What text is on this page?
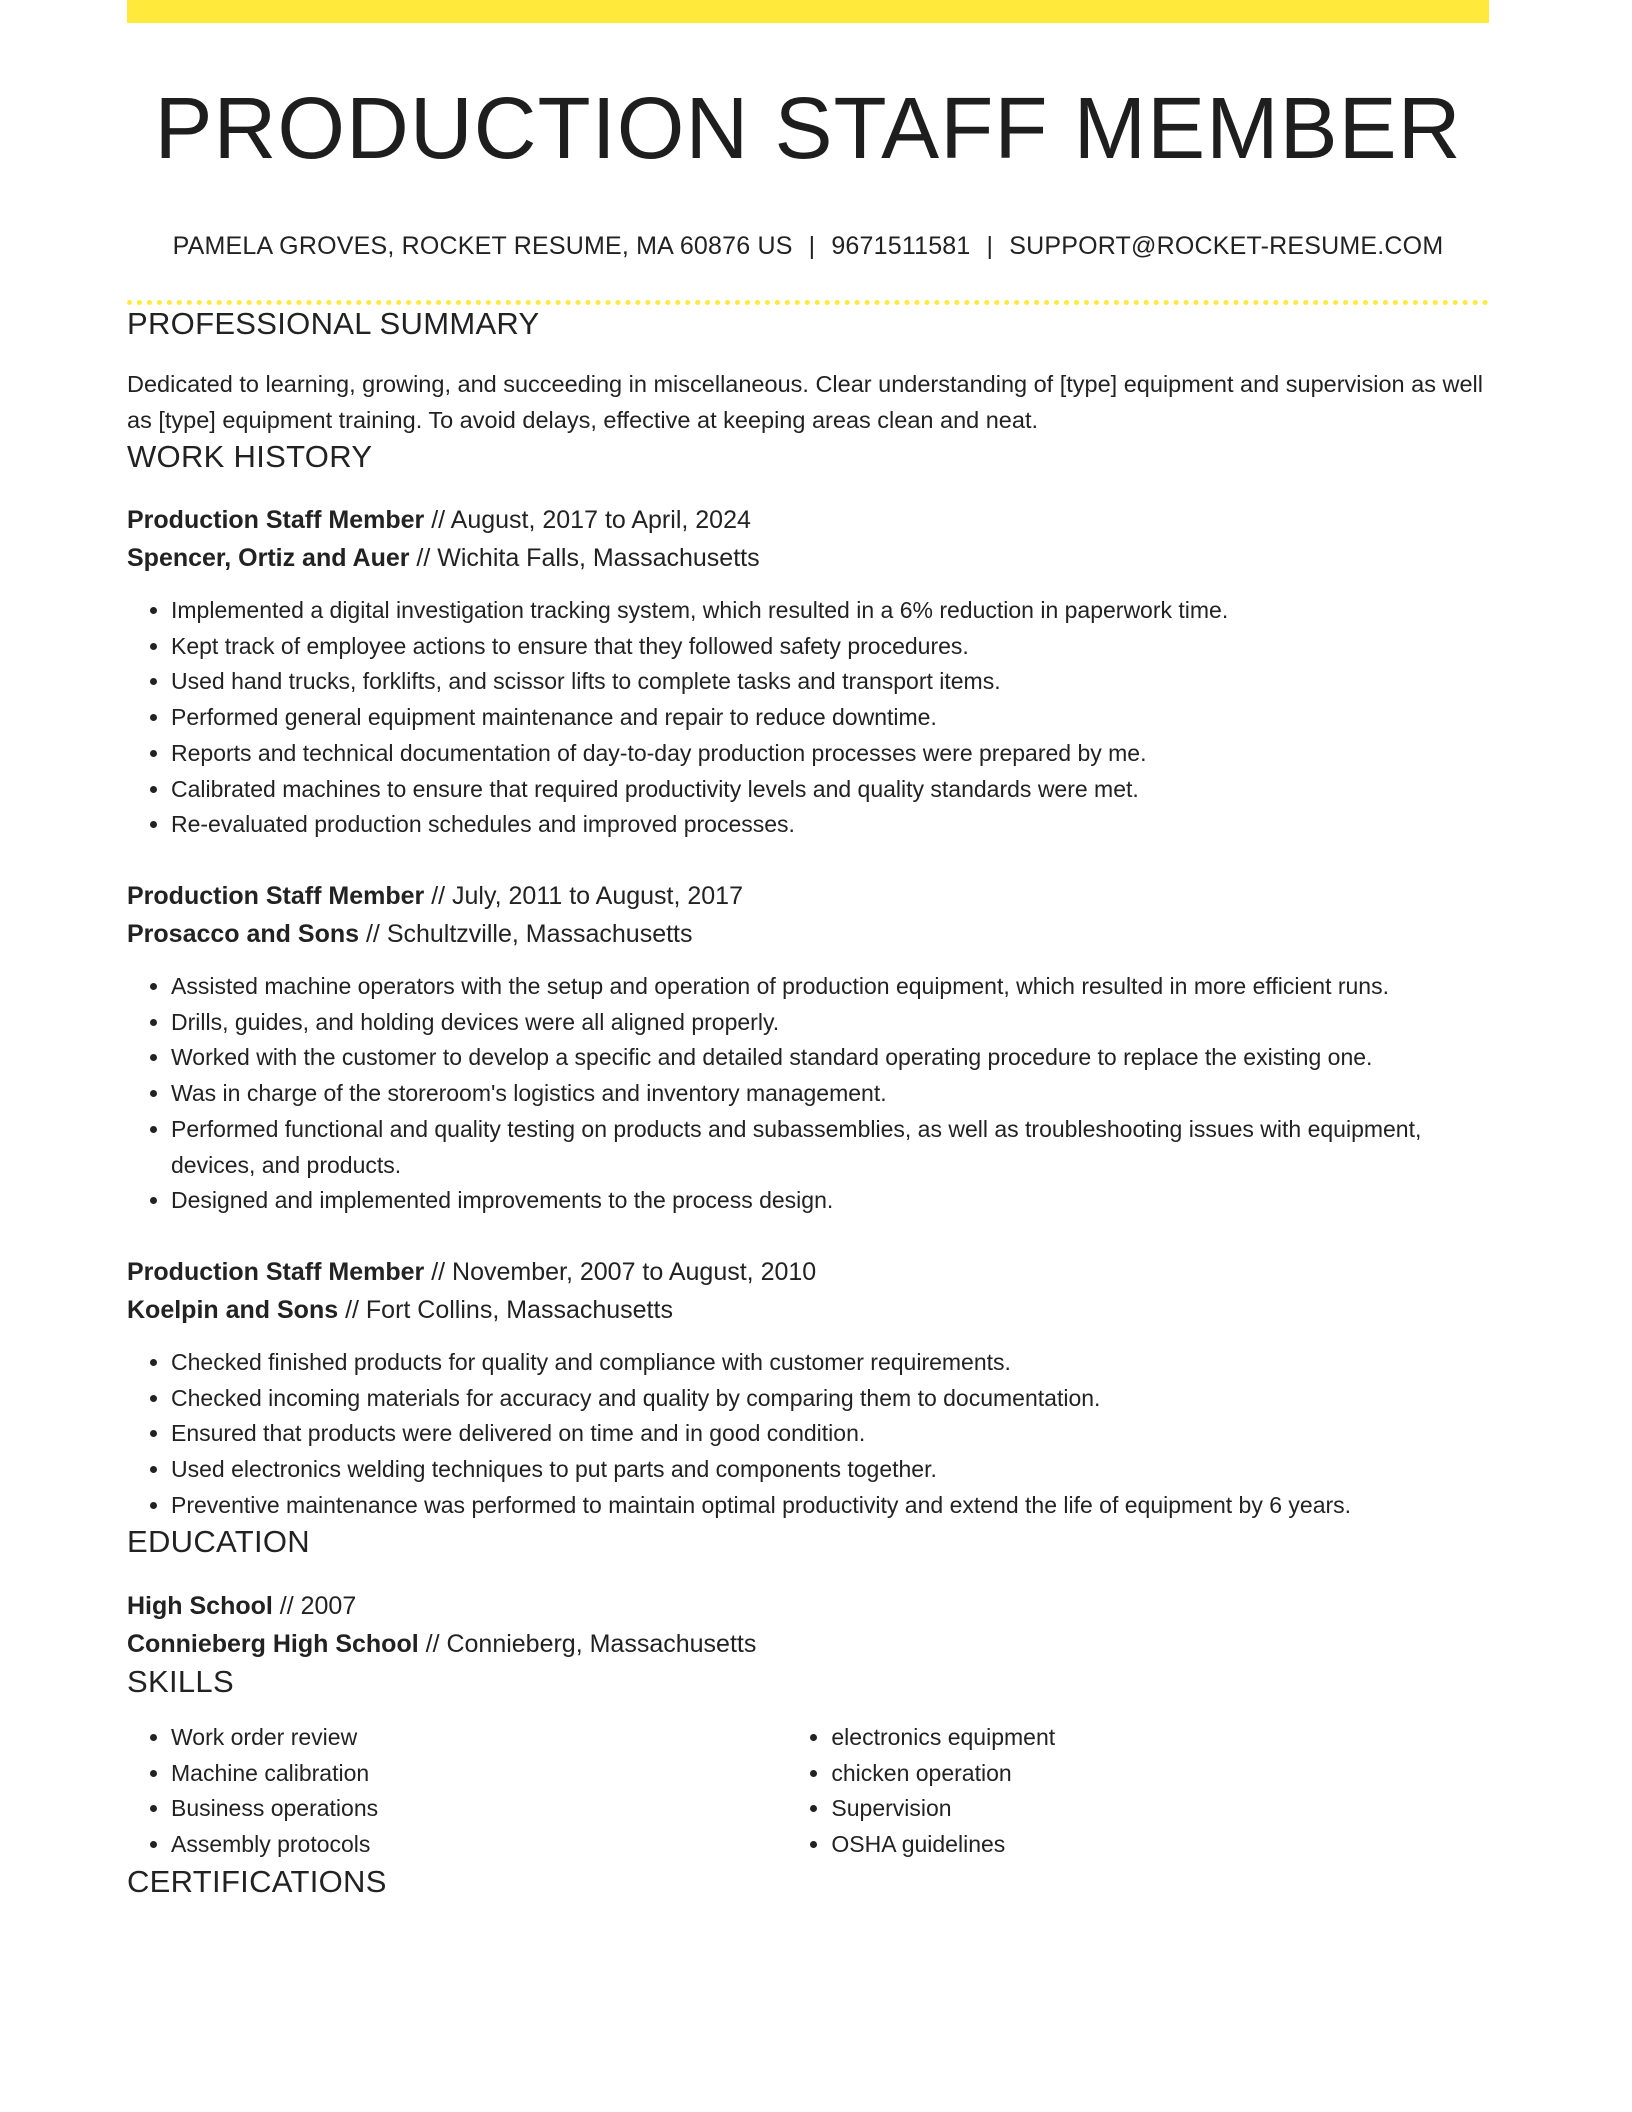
PRODUCTION STAFF MEMBER
PAMELA GROVES, ROCKET RESUME, MA 60876 US | 9671511581 | SUPPORT@ROCKET-RESUME.COM
PROFESSIONAL SUMMARY
Dedicated to learning, growing, and succeeding in miscellaneous. Clear understanding of [type] equipment and supervision as well as [type] equipment training. To avoid delays, effective at keeping areas clean and neat.
WORK HISTORY
Production Staff Member // August, 2017 to April, 2024
Spencer, Ortiz and Auer // Wichita Falls, Massachusetts
• Implemented a digital investigation tracking system, which resulted in a 6% reduction in paperwork time.
• Kept track of employee actions to ensure that they followed safety procedures.
• Used hand trucks, forklifts, and scissor lifts to complete tasks and transport items.
• Performed general equipment maintenance and repair to reduce downtime.
• Reports and technical documentation of day-to-day production processes were prepared by me.
• Calibrated machines to ensure that required productivity levels and quality standards were met.
• Re-evaluated production schedules and improved processes.
Production Staff Member // July, 2011 to August, 2017
Prosacco and Sons // Schultzville, Massachusetts
• Assisted machine operators with the setup and operation of production equipment, which resulted in more efficient runs.
• Drills, guides, and holding devices were all aligned properly.
• Worked with the customer to develop a specific and detailed standard operating procedure to replace the existing one.
• Was in charge of the storeroom's logistics and inventory management.
• Performed functional and quality testing on products and subassemblies, as well as troubleshooting issues with equipment, devices, and products.
• Designed and implemented improvements to the process design.
Production Staff Member // November, 2007 to August, 2010
Koelpin and Sons // Fort Collins, Massachusetts
• Checked finished products for quality and compliance with customer requirements.
• Checked incoming materials for accuracy and quality by comparing them to documentation.
• Ensured that products were delivered on time and in good condition.
• Used electronics welding techniques to put parts and components together.
• Preventive maintenance was performed to maintain optimal productivity and extend the life of equipment by 6 years.
EDUCATION
High School // 2007
Connieberg High School // Connieberg, Massachusetts
SKILLS
• Work order review
• Machine calibration
• Business operations
• Assembly protocols
• electronics equipment
• chicken operation
• Supervision
• OSHA guidelines
CERTIFICATIONS
